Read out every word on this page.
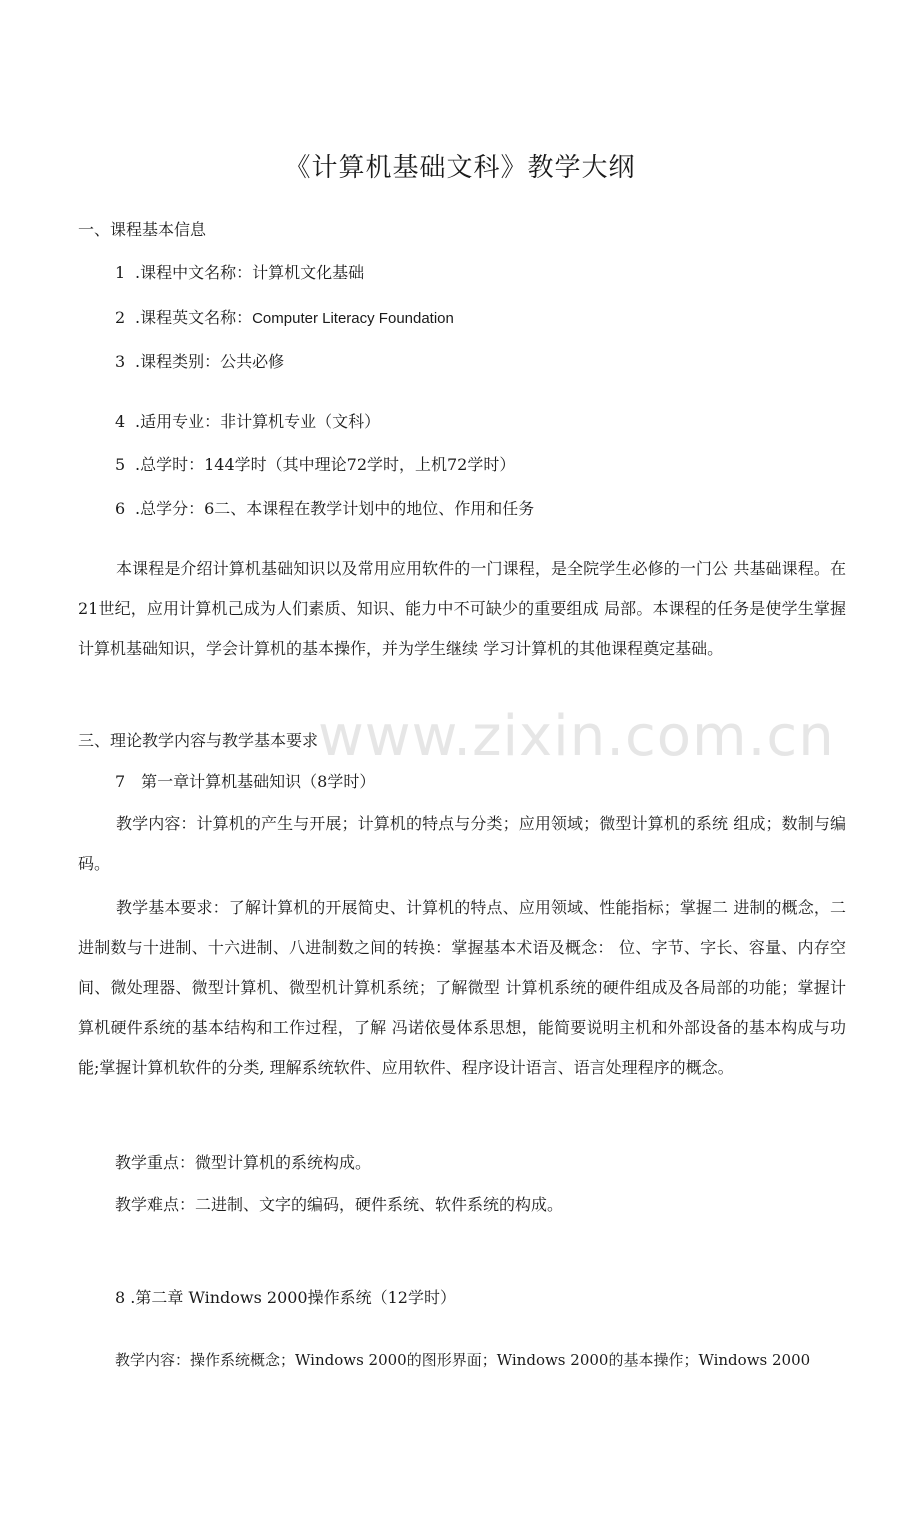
www.zixin.com.cn
《计算机基础文科》教学大纲
一、课程基本信息
1 .课程中文名称：计算机文化基础
2 .课程英文名称：Computer Literacy Foundation
3 .课程类别：公共必修
4 .适用专业：非计算机专业（文科）
5 .总学时：144学时（其中理论72学时，上机72学时）
6 .总学分：6二、本课程在教学计划中的地位、作用和任务

本课程是介绍计算机基础知识以及常用应用软件的一门课程，是全院学生必修的一门公 共基础课程。在21世纪，应用计算机己成为人们素质、知识、能力中不可缺少的重要组成 局部。本课程的任务是使学生掌握计算机基础知识，学会计算机的基本操作，并为学生继续 学习计算机的其他课程奠定基础。

三、理论教学内容与教学基本要求
7　第一章计算机基础知识（8学时）

教学内容：计算机的产生与开展；计算机的特点与分类；应用领域；微型计算机的系统 组成；数制与编码。

教学基本要求：了解计算机的开展简史、计算机的特点、应用领域、性能指标；掌握二 进制的概念，二进制数与十进制、十六进制、八进制数之间的转换：掌握基本术语及概念： 位、字节、字长、容量、内存空间、微处理器、微型计算机、微型机计算机系统；了解微型 计算机系统的硬件组成及各局部的功能；掌握计算机硬件系统的基本结构和工作过程，了解 冯诺依曼体系思想，能简要说明主机和外部设备的基本构成与功能;掌握计算机软件的分类, 理解系统软件、应用软件、程序设计语言、语言处理程序的概念。

教学重点：微型计算机的系统构成。
教学难点：二进制、文字的编码，硬件系统、软件系统的构成。
8 .第二章 Windows 2000操作系统（12学时）
教学内容：操作系统概念；Windows 2000的图形界面；Windows 2000的基本操作；Windows 2000
